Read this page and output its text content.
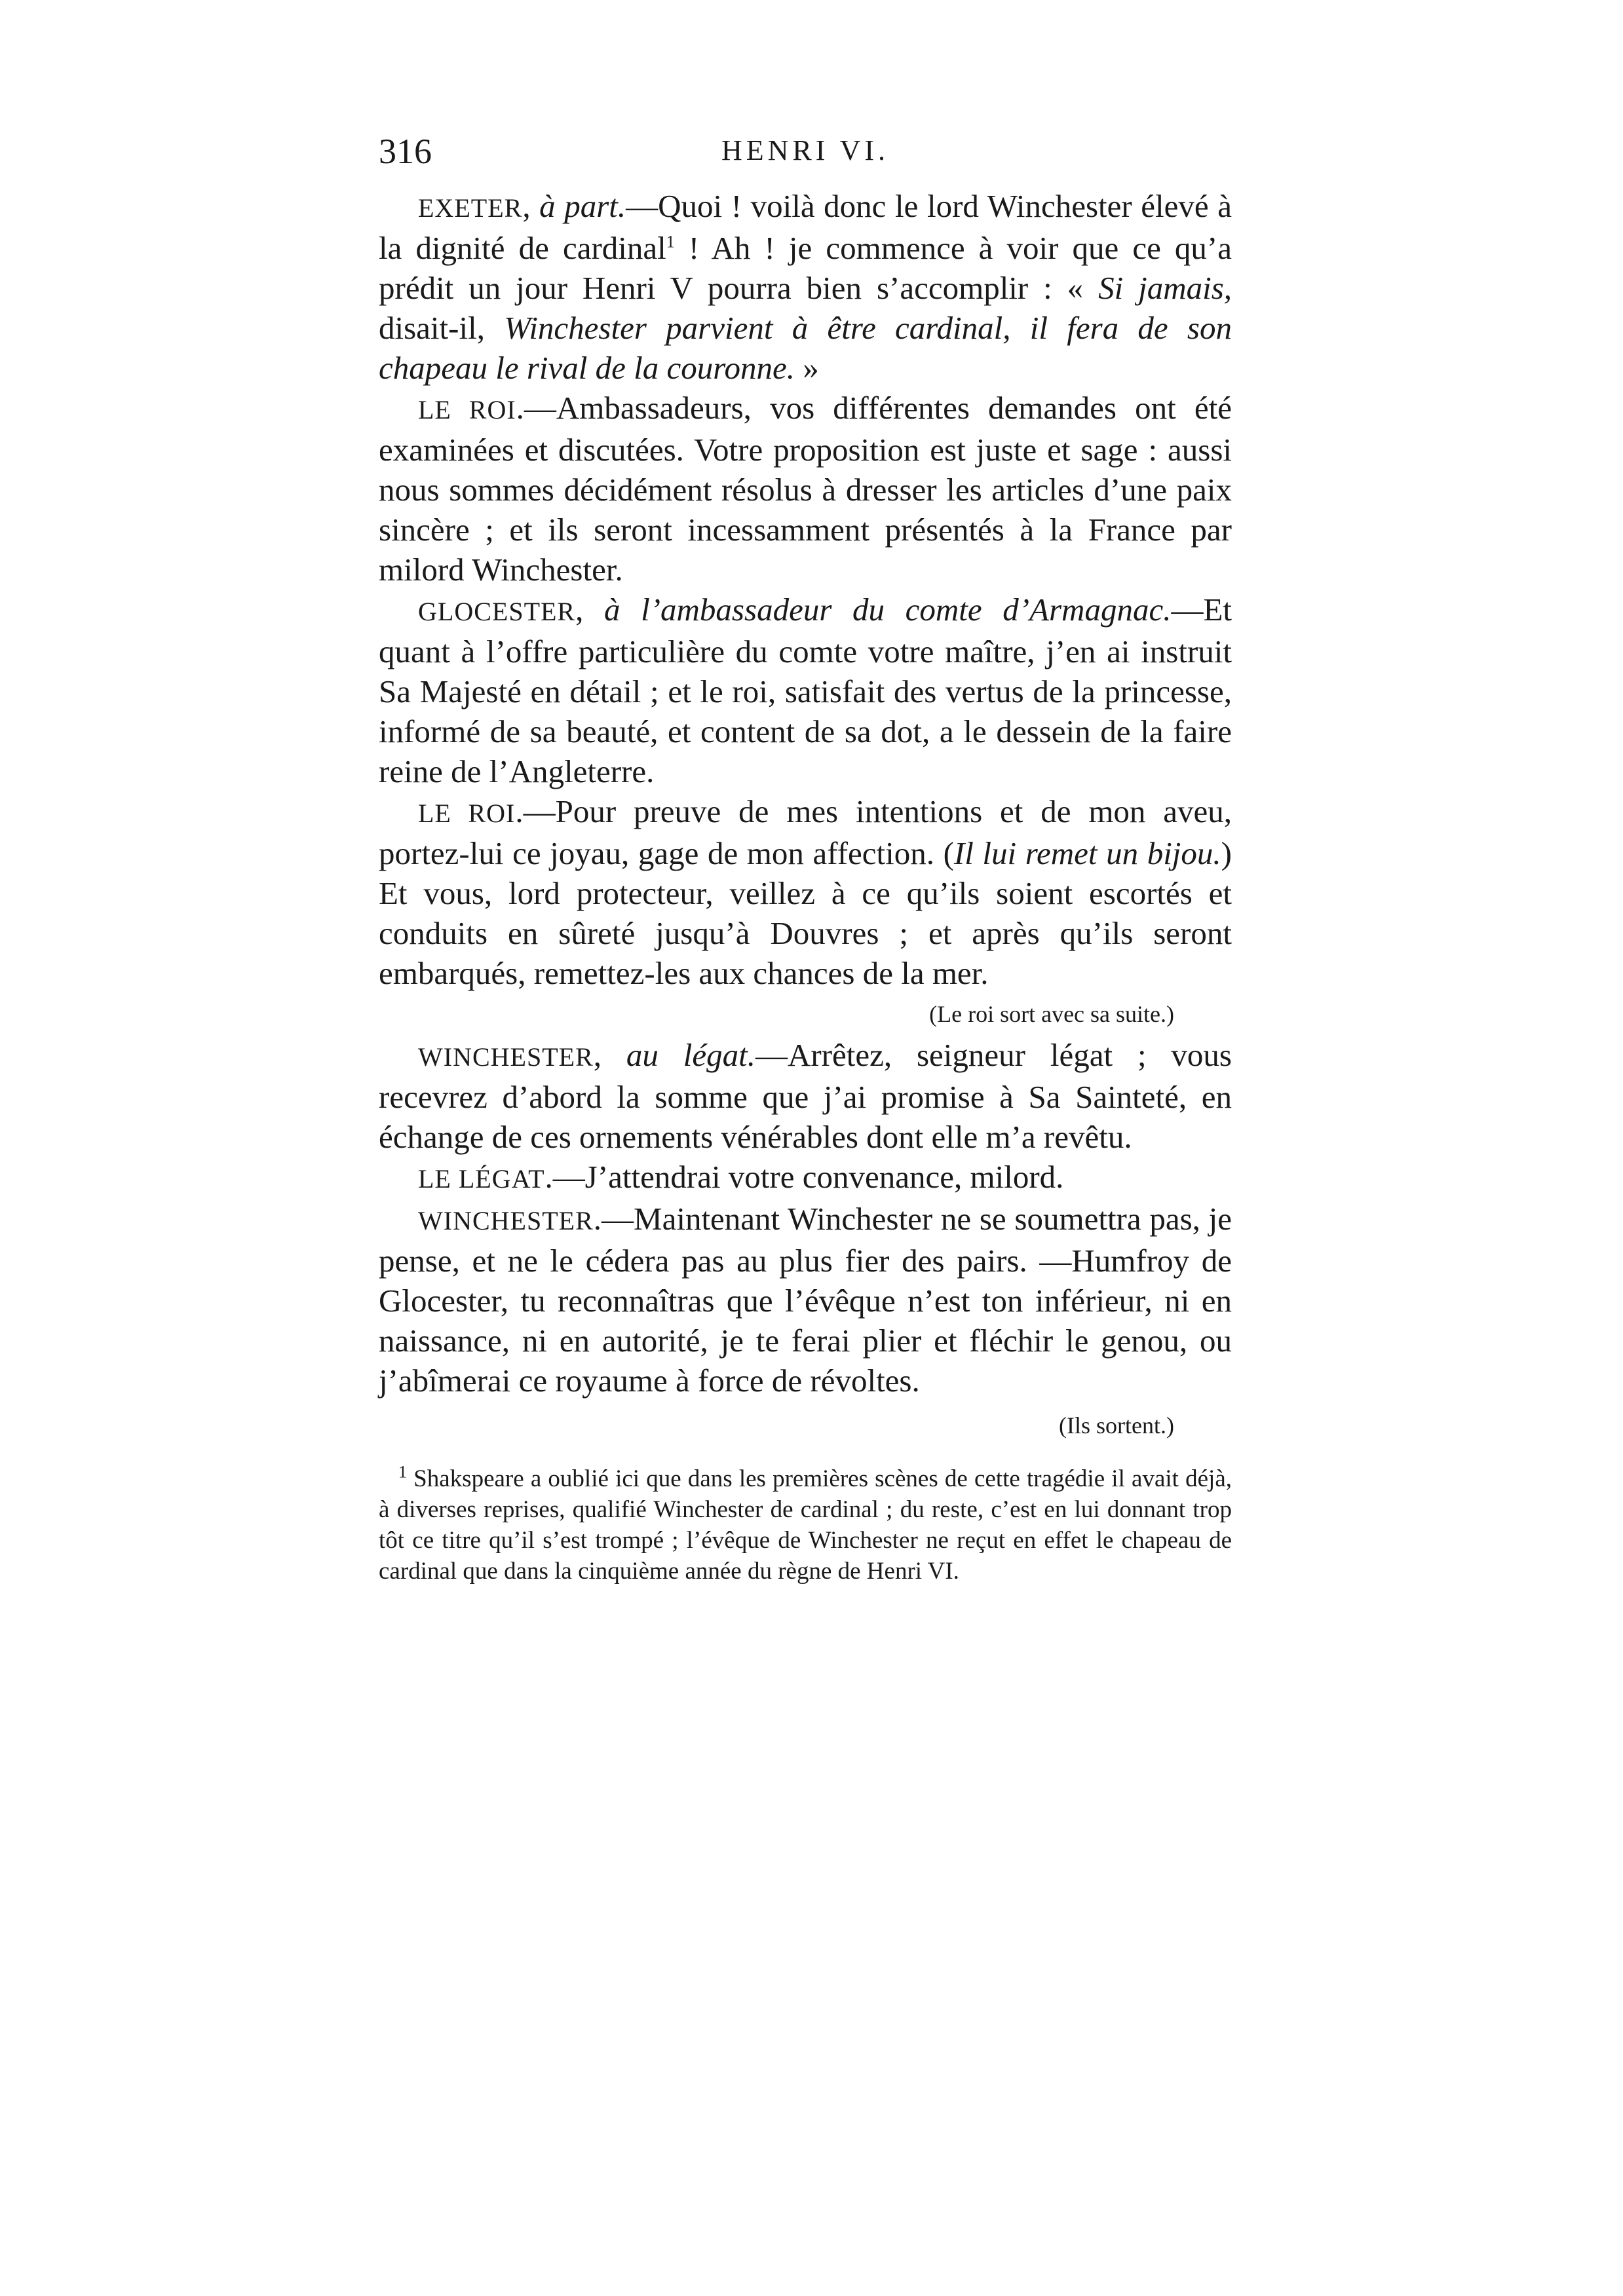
316	HENRI VI.

EXETER, à part.—Quoi ! voilà donc le lord Winchester élevé à la dignité de cardinal$^1$ ! Ah ! je commence à voir que ce qu’a prédit un jour Henri V pourra bien s’accomplir : « Si jamais, disait-il, Winchester parvient à être cardinal, il fera de son chapeau le rival de la couronne. »

LE ROI.—Ambassadeurs, vos différentes demandes ont été examinées et discutées. Votre proposition est juste et sage : aussi nous sommes décidément résolus à dresser les articles d’une paix sincère ; et ils seront incessamment présentés à la France par milord Winchester.

GLOCESTER, à l’ambassadeur du comte d’Armagnac.—Et quant à l’offre particulière du comte votre maître, j’en ai instruit Sa Majesté en détail ; et le roi, satisfait des vertus de la princesse, informé de sa beauté, et content de sa dot, a le dessein de la faire reine de l’Angleterre.

LE ROI.—Pour preuve de mes intentions et de mon aveu, portez-lui ce joyau, gage de mon affection. (Il lui remet un bijou.) Et vous, lord protecteur, veillez à ce qu’ils soient escortés et conduits en sûreté jusqu’à Douvres ; et après qu’ils seront embarqués, remettez-les aux chances de la mer.

(Le roi sort avec sa suite.)

WINCHESTER, au légat.—Arrêtez, seigneur légat ; vous recevrez d’abord la somme que j’ai promise à Sa Sainteté, en échange de ces ornements vénérables dont elle m’a revêtu.

LE LÉGAT.—J’attendrai votre convenance, milord.

WINCHESTER.—Maintenant Winchester ne se soumettra pas, je pense, et ne le cédera pas au plus fier des pairs. —Humfroy de Glocester, tu reconnaîtras que l’évêque n’est ton inférieur, ni en naissance, ni en autorité, je te ferai plier et fléchir le genou, ou j’abîmerai ce royaume à force de révoltes.

(Ils sortent.)
$^1$ Shakspeare a oublié ici que dans les premières scènes de cette tragédie il avait déjà, à diverses reprises, qualifié Winchester de cardinal ; du reste, c’est en lui donnant trop tôt ce titre qu’il s’est trompé ; l’évêque de Winchester ne reçut en effet le chapeau de cardinal que dans la cinquième année du règne de Henri VI.
